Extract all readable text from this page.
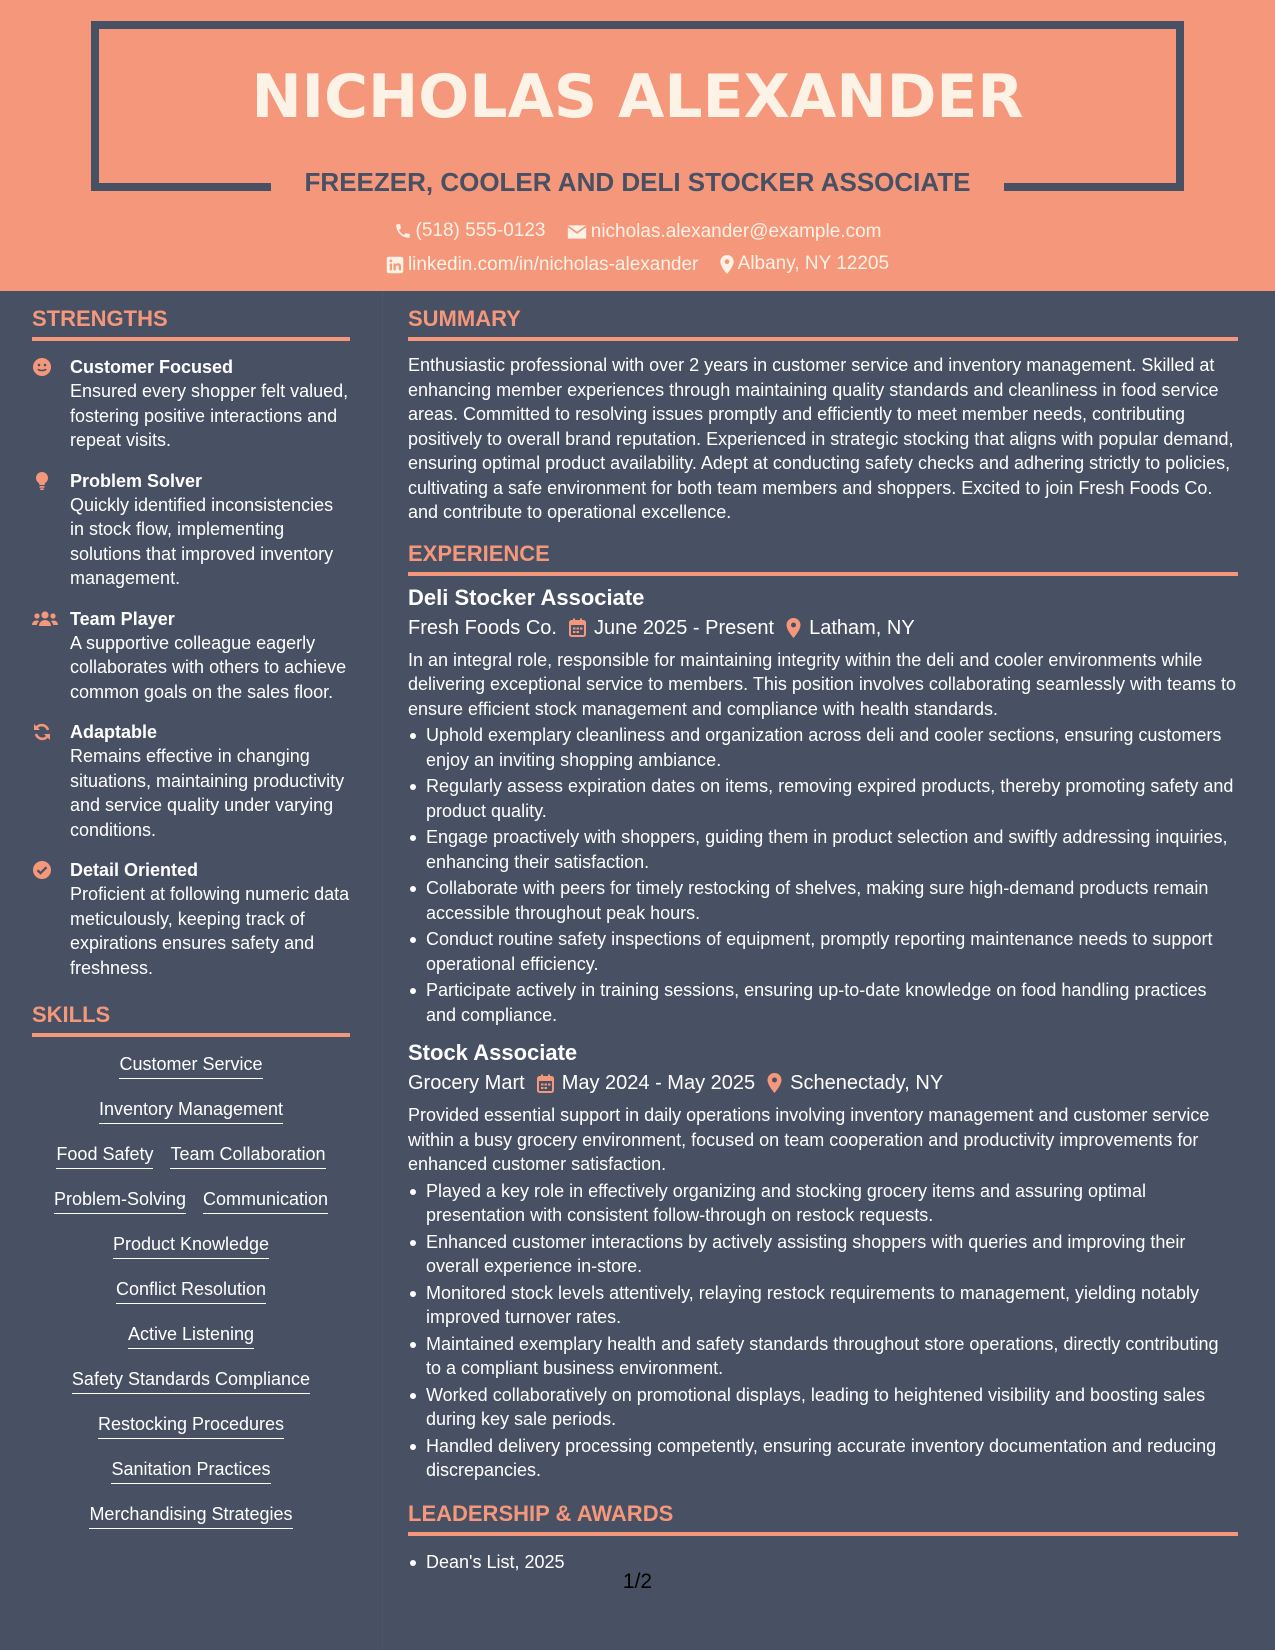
NICHOLAS ALEXANDER
FREEZER, COOLER AND DELI STOCKER ASSOCIATE
(518) 555-0123
nicholas.alexander@example.com
linkedin.com/in/nicholas-alexander
Albany, NY 12205
STRENGTHS
Customer Focused
Ensured every shopper felt valued, fostering positive interactions and repeat visits.
Problem Solver
Quickly identified inconsistencies in stock flow, implementing solutions that improved inventory management.
Team Player
A supportive colleague eagerly collaborates with others to achieve common goals on the sales floor.
Adaptable
Remains effective in changing situations, maintaining productivity and service quality under varying conditions.
Detail Oriented
Proficient at following numeric data meticulously, keeping track of expirations ensures safety and freshness.
SKILLS
Customer Service
Inventory Management
Food Safety Team Collaboration
Problem-Solving Communication
Product Knowledge
Conflict Resolution
Active Listening
Safety Standards Compliance
Restocking Procedures
Sanitation Practices
Merchandising Strategies
SUMMARY
Enthusiastic professional with over 2 years in customer service and inventory management. Skilled at enhancing member experiences through maintaining quality standards and cleanliness in food service areas. Committed to resolving issues promptly and efficiently to meet member needs, contributing positively to overall brand reputation. Experienced in strategic stocking that aligns with popular demand, ensuring optimal product availability. Adept at conducting safety checks and adhering strictly to policies, cultivating a safe environment for both team members and shoppers. Excited to join Fresh Foods Co. and contribute to operational excellence.
EXPERIENCE
Deli Stocker Associate
Fresh Foods Co. June 2025 - Present Latham, NY
In an integral role, responsible for maintaining integrity within the deli and cooler environments while delivering exceptional service to members. This position involves collaborating seamlessly with teams to ensure efficient stock management and compliance with health standards.
Uphold exemplary cleanliness and organization across deli and cooler sections, ensuring customers enjoy an inviting shopping ambiance.
Regularly assess expiration dates on items, removing expired products, thereby promoting safety and product quality.
Engage proactively with shoppers, guiding them in product selection and swiftly addressing inquiries, enhancing their satisfaction.
Collaborate with peers for timely restocking of shelves, making sure high-demand products remain accessible throughout peak hours.
Conduct routine safety inspections of equipment, promptly reporting maintenance needs to support operational efficiency.
Participate actively in training sessions, ensuring up-to-date knowledge on food handling practices and compliance.
Stock Associate
Grocery Mart May 2024 - May 2025 Schenectady, NY
Provided essential support in daily operations involving inventory management and customer service within a busy grocery environment, focused on team cooperation and productivity improvements for enhanced customer satisfaction.
Played a key role in effectively organizing and stocking grocery items and assuring optimal presentation with consistent follow-through on restock requests.
Enhanced customer interactions by actively assisting shoppers with queries and improving their overall experience in-store.
Monitored stock levels attentively, relaying restock requirements to management, yielding notably improved turnover rates.
Maintained exemplary health and safety standards throughout store operations, directly contributing to a compliant business environment.
Worked collaboratively on promotional displays, leading to heightened visibility and boosting sales during key sale periods.
Handled delivery processing competently, ensuring accurate inventory documentation and reducing discrepancies.
LEADERSHIP & AWARDS
Dean's List, 2025
1/2
